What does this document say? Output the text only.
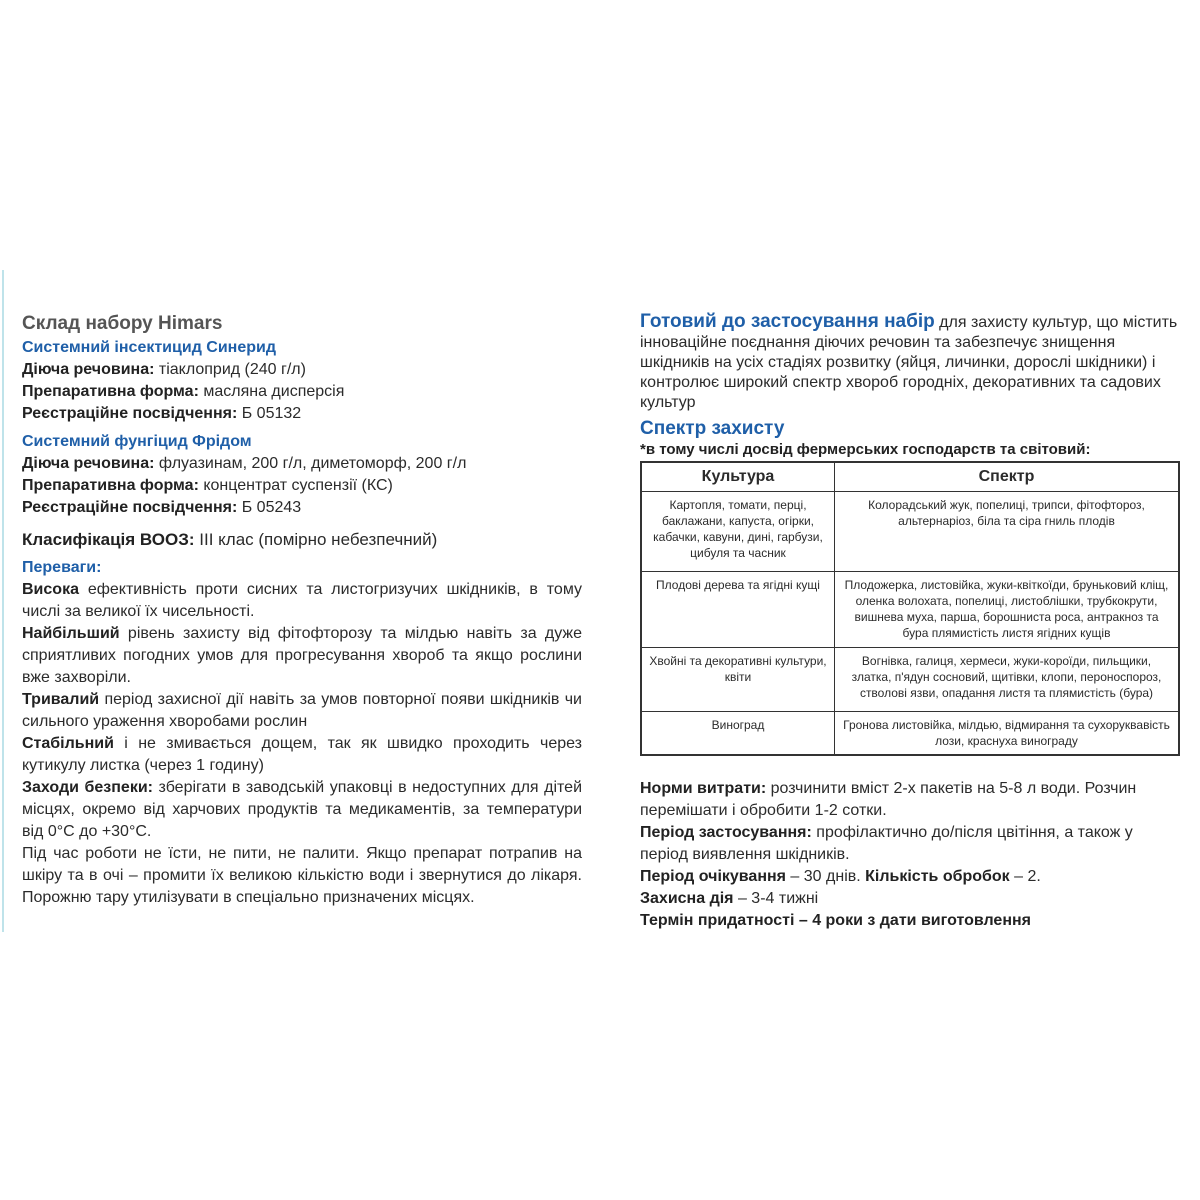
Склад набору Himars

Системний інсектицид Синерид

Діюча речовина: тіаклоприд (240 г/л)

Препаративна форма: масляна дисперсія

Реєстраційне посвідчення: Б 05132

Системний фунгіцид Фрідом

Діюча речовина: флуазинам, 200 г/л, диметоморф, 200 г/л

Препаративна форма: концентрат суспензії (КС)

Реєстраційне посвідчення: Б 05243

Класифікація ВООЗ: III клас (помірно небезпечний)

Переваги:

Висока ефективність проти сисних та листогризучих шкідників, в тому числі за великої їх чисельності.

Найбільший рівень захисту від фітофторозу та мілдью навіть за дуже сприятливих погодних умов для прогресування хвороб та якщо рослини вже захворіли.

Тривалий період захисної дії навіть за умов повторної появи шкідників чи сильного ураження хворобами рослин

Стабільний і не змивається дощем, так як швидко проходить через кутикулу листка (через 1 годину)

Заходи безпеки: зберігати в заводській упаковці в недоступних для дітей місцях, окремо від харчових продуктів та медикаментів, за температури від 0°С до +30°С.

Під час роботи не їсти, не пити, не палити. Якщо препарат потрапив на шкіру та в очі – промити їх великою кількістю води і звернутися до лікаря. Порожню тару утилізувати в спеціально призначених місцях.

Готовий до застосування набір для захисту культур, що містить інноваційне поєднання діючих речовин та забезпечує знищення шкідників на усіх стадіях розвитку (яйця, личинки, дорослі шкідники) і контролює широкий спектр хвороб городніх, декоративних та садових культур

Спектр захисту

*в тому числі досвід фермерських господарств та світовий:

Культура	Спектр
Картопля, томати, перці, баклажани, капуста, огірки, кабачки, кавуни, дині, гарбузи, цибуля та часник	Колорадський жук, попелиці, трипси, фітофтороз, альтернаріоз, біла та сіра гниль плодів
Плодові дерева та ягідні кущі	Плодожерка, листовійка, жуки-квіткоїди, бруньковий кліщ, оленка волохата, попелиці, листоблішки, трубкокрути, вишнева муха, парша, борошниста роса, антракноз та бура плямистість листя ягідних кущів
Хвойні та декоративні культури, квіти	Вогнівка, галиця, хермеси, жуки-короїди, пильщики, златка, п'ядун сосновий, щитівки, клопи, пероноспороз, стволові язви, опадання листя та плямистість (бура)
Виноград	Гронова листовійка, мілдью, відмирання та сухоруквавість лози, краснуха винограду

Норми витрати: розчинити вміст 2-х пакетів на 5-8 л води. Розчин перемішати і обробити 1-2 сотки.

Період застосування: профілактично до/після цвітіння, а також у період виявлення шкідників.

Період очікування – 30 днів. Кількість обробок – 2.

Захисна дія – 3-4 тижні

Термін придатності – 4 роки з дати виготовлення
